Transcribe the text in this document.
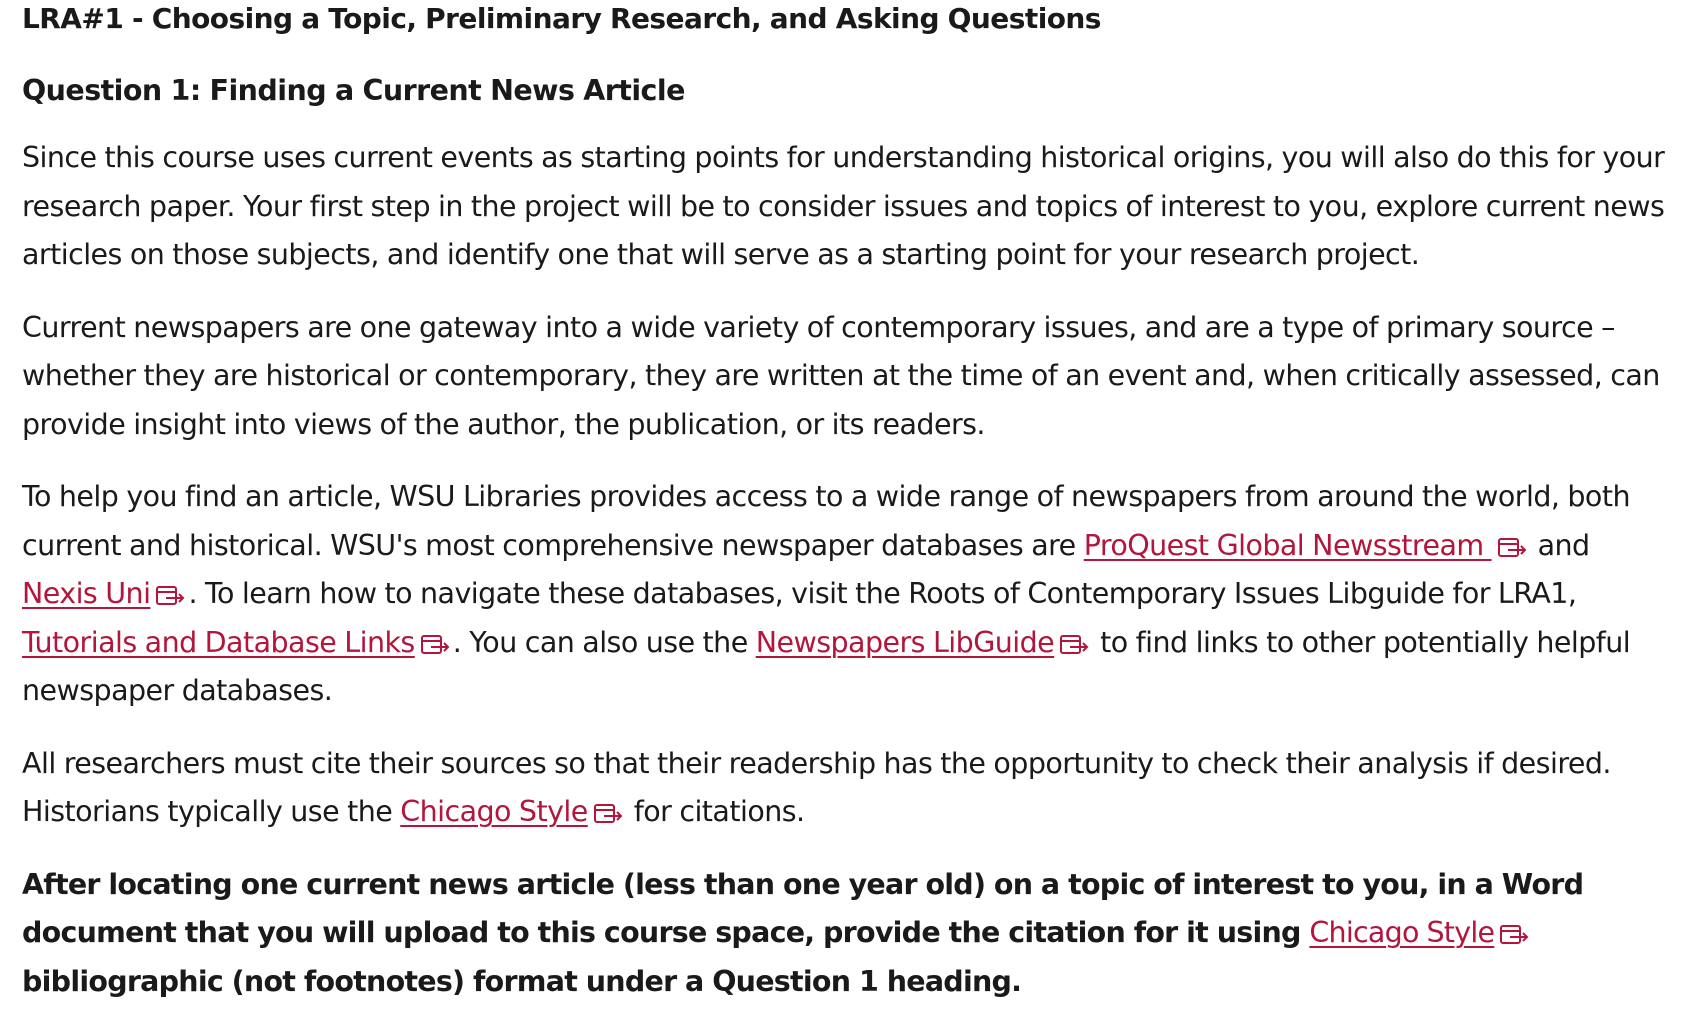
LRA#1 - Choosing a Topic, Preliminary Research, and Asking Questions
Question 1: Finding a Current News Article

Since this course uses current events as starting points for understanding historical origins, you will also do this for your research paper. Your first step in the project will be to consider issues and topics of interest to you, explore current news articles on those subjects, and identify one that will serve as a starting point for your research project.

Current newspapers are one gateway into a wide variety of contemporary issues, and are a type of primary source – whether they are historical or contemporary, they are written at the time of an event and, when critically assessed, can provide insight into views of the author, the publication, or its readers.

To help you find an article, WSU Libraries provides access to a wide range of newspapers from around the world, both current and historical. WSU's most comprehensive newspaper databases are ProQuest Global Newsstream
and Nexis Uni . To learn how to navigate these databases, visit the Roots of Contemporary Issues Libguide for LRA1, Tutorials and Database Links . You can also use the Newspapers LibGuide
to find links to other potentially helpful newspaper databases.

All researchers must cite their sources so that their readership has the opportunity to check their analysis if desired. Historians typically use the Chicago Style
for citations.

After locating one current news article (less than one year old) on a topic of interest to you, in a Word document that you will upload to this course space, provide the citation for it using Chicago Style
bibliographic (not footnotes) format under a Question 1 heading.
